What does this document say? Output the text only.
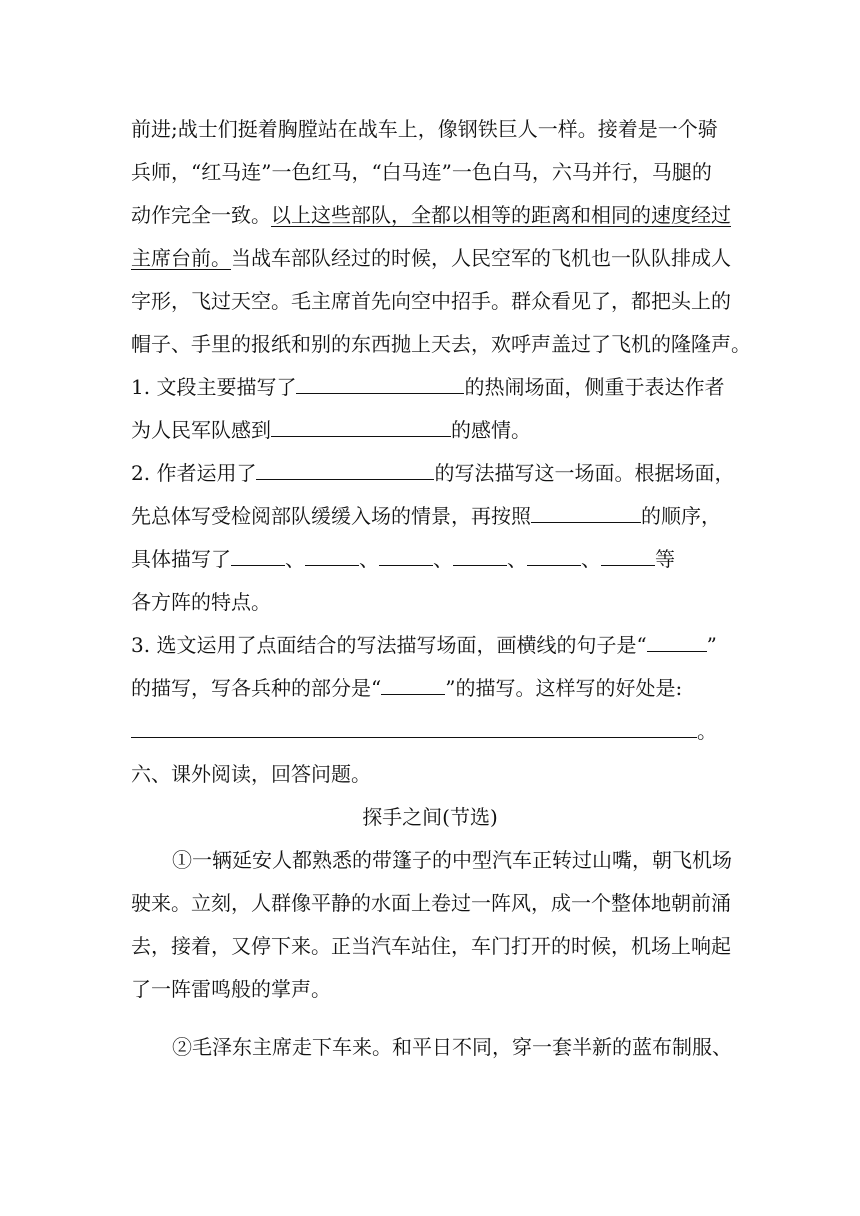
前进;战士们挺着胸膛站在战车上，像钢铁巨人一样。接着是一个骑
兵师，“红马连”一色红马，“白马连”一色白马，六马并行，马腿的
动作完全一致。以上这些部队，全都以相等的距离和相同的速度经过
主席台前。当战车部队经过的时候，人民空军的飞机也一队队排成人
字形，飞过天空。毛主席首先向空中招手。群众看见了，都把头上的
帽子、手里的报纸和别的东西抛上天去，欢呼声盖过了飞机的隆隆声。
1. 文段主要描写了	的热闹场面，侧重于表达作者
为人民军队感到	的感情。
2. 作者运用了	的写法描写这一场面。根据场面，
先总体写受检阅部队缓缓入场的情景，再按照	的顺序，
具体描写了	、	、	、	、	、	等
各方阵的特点。
3. 选文运用了点面结合的写法描写场面，画横线的句子是“	”
的描写，写各兵种的部分是“	”的描写。这样写的好处是:
。
六、课外阅读，回答问题。
探手之间(节选)
①一辆延安人都熟悉的带篷子的中型汽车正转过山嘴，朝飞机场
驶来。立刻，人群像平静的水面上卷过一阵风，成一个整体地朝前涌
去，接着，又停下来。正当汽车站住，车门打开的时候，机场上响起
了一阵雷鸣般的掌声。
②毛泽东主席走下车来。和平日不同，穿一套半新的蓝布制服、
